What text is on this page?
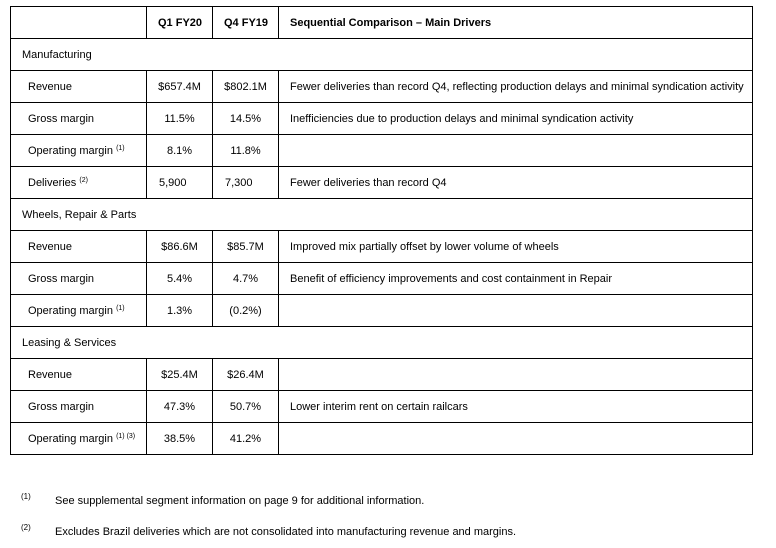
	Q1 FY20	Q4 FY19	Sequential Comparison – Main Drivers
Manufacturing			
Revenue	$657.4M	$802.1M	Fewer deliveries than record Q4, reflecting production delays and minimal syndication activity
Gross margin	11.5%	14.5%	Inefficiencies due to production delays and minimal syndication activity
Operating margin $^{(1)}$	8.1%	11.8%	
Deliveries $^{(2)}$	5,900	7,300	Fewer deliveries than record Q4
Wheels, Repair & Parts			
Revenue	$86.6M	$85.7M	Improved mix partially offset by lower volume of wheels
Gross margin	5.4%	4.7%	Benefit of efficiency improvements and cost containment in Repair
Operating margin $^{(1)}$	1.3%	(0.2%)	
Leasing & Services			
Revenue	$25.4M	$26.4M	
Gross margin	47.3%	50.7%	Lower interim rent on certain railcars
Operating margin $^{(1) (3)}$	38.5%	41.2%	
(1) See supplemental segment information on page 9 for additional information.
(2) Excludes Brazil deliveries which are not consolidated into manufacturing revenue and margins.
